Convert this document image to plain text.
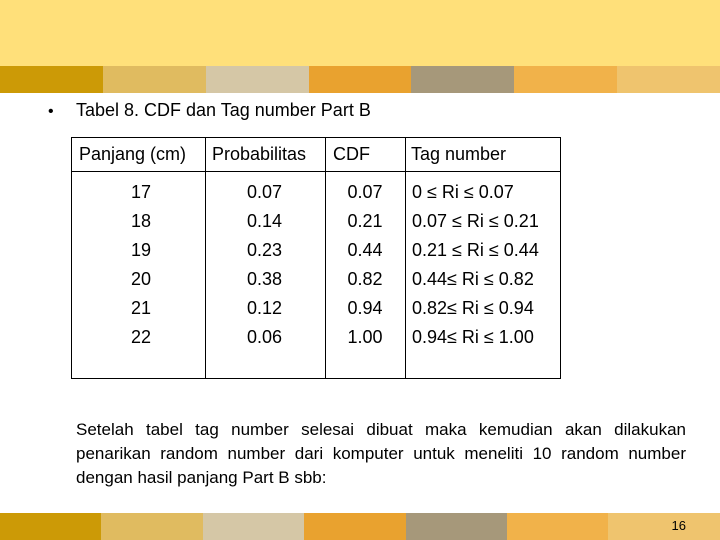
•	Tabel 8. CDF dan Tag number Part B
Panjang (cm) Probabilitas CDF Tag number
17
18
19
20
21
22
0.07
0.14
0.23
0.38
0.12
0.06
0.07
0.21
0.44
0.82
0.94
1.00
0 ≤ Ri ≤ 0.07
0.07 ≤ Ri ≤ 0.21
0.21 ≤ Ri ≤ 0.44
0.44≤ Ri ≤ 0.82
0.82≤ Ri ≤ 0.94
0.94≤ Ri ≤ 1.00
Setelah tabel tag number selesai dibuat maka kemudian akan dilakukan penarikan random number dari komputer untuk meneliti 10 random number dengan hasil panjang Part B sbb:
16
